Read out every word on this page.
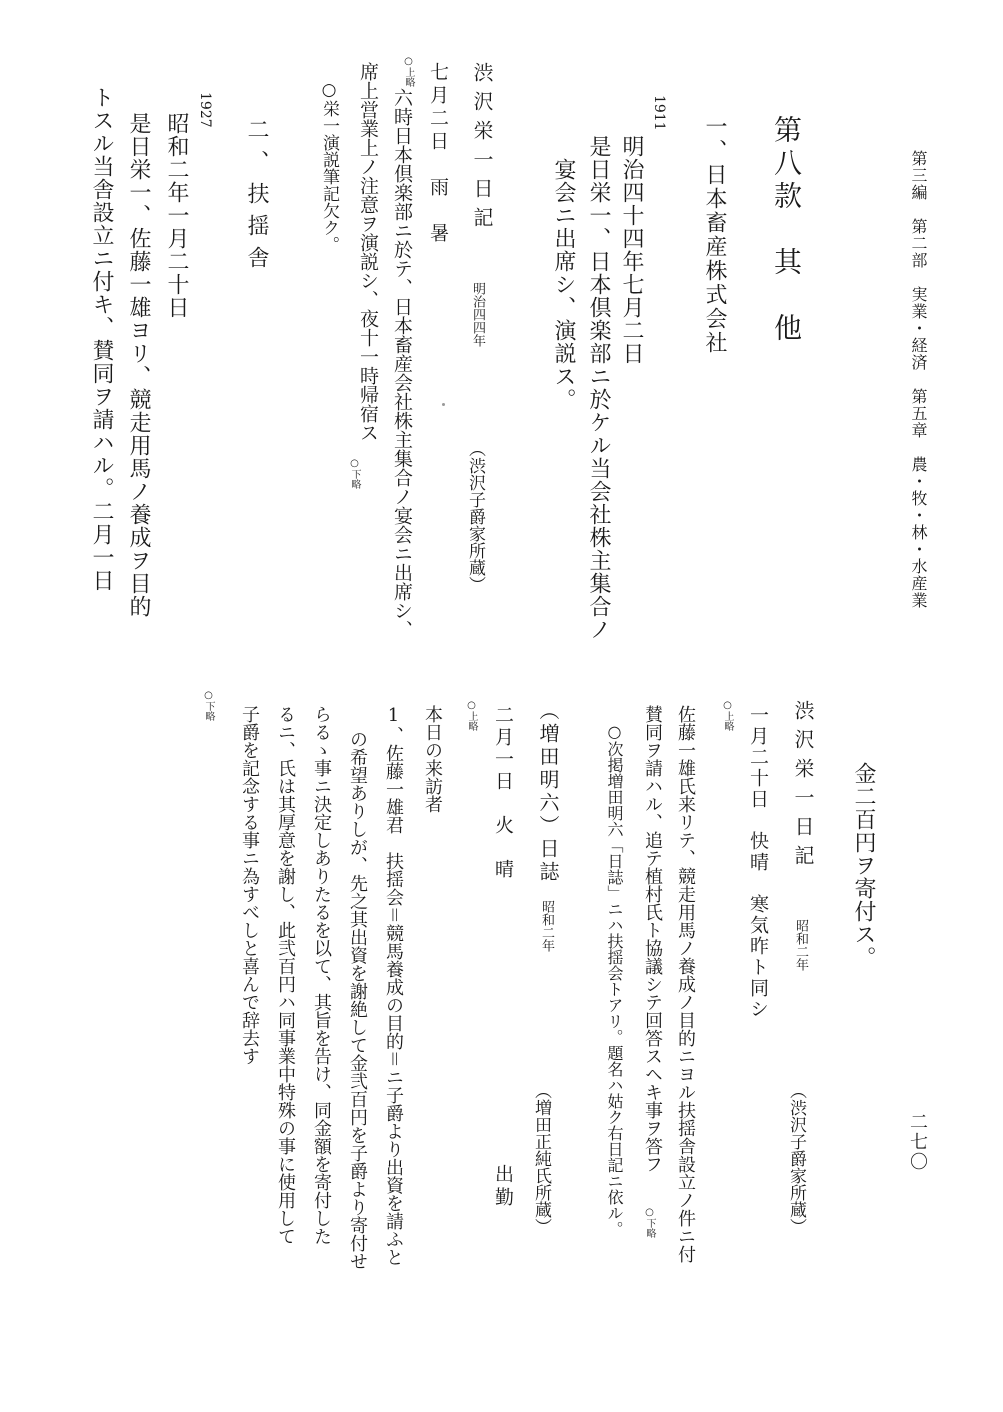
第三編　第二部　実業・経済　第五章　農・牧・林・水産業
二七〇
第八款　其　他
一、日本畜産株式会社
1911
明治四十四年七月二日
是日栄一、日本倶楽部ニ於ケル当会社株主集合ノ
宴会ニ出席シ、演説ス。
渋沢栄一日記
明治四四年
（渋沢子爵家所蔵）
七月二日　雨　暑
○上略
六時日本倶楽部ニ於テ、日本畜産会社株主集合ノ宴会ニ出席シ、
席上営業上ノ注意ヲ演説シ、夜十一時帰宿ス
○下略
○栄一演説筆記欠ク。
二、扶揺舎
1927
昭和二年一月二十日
是日栄一、佐藤一雄ヨリ、競走用馬ノ養成ヲ目的
トスル当舎設立ニ付キ、賛同ヲ請ハル。二月一日
金二百円ヲ寄付ス。
渋沢栄一日記
昭和二年
（渋沢子爵家所蔵）
一月二十日　快晴　寒気昨ト同シ
○上略
佐藤一雄氏来リテ、競走用馬ノ養成ノ目的ニヨル扶揺舎設立ノ件ニ付
賛同ヲ請ハル、追テ植村氏ト協議シテ回答スヘキ事ヲ答フ
○下略
○次掲増田明六「日誌」ニハ扶揺会トアリ。題名ハ姑ク右日記ニ依ル。
（増田明六）日誌
昭和二年
（増田正純氏所蔵）
二月一日　火　晴
出勤
○上略
本日の来訪者
1、佐藤一雄君　扶揺会＝競馬養成の目的＝ニ子爵より出資を請ふと
の希望ありしが、先之其出資を謝絶して金弐百円を子爵より寄付せ
らるゝ事ニ決定しありたるを以て、其旨を告け、同金額を寄付した
るニ、氏は其厚意を謝し、此弐百円ハ同事業中特殊の事に使用して
子爵を記念する事ニ為すべしと喜んで辞去す
○下略
